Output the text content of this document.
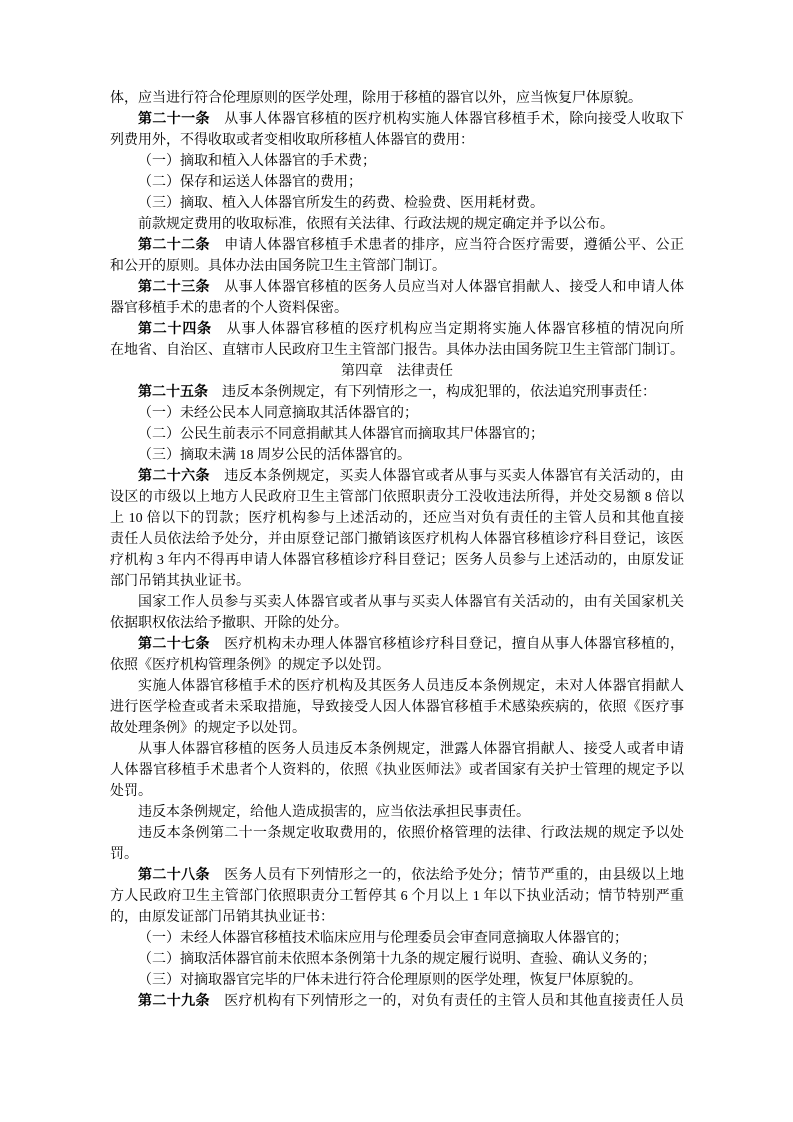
体，应当进行符合伦理原则的医学处理，除用于移植的器官以外，应当恢复尸体原貌。
第二十一条　从事人体器官移植的医疗机构实施人体器官移植手术，除向接受人收取下
列费用外，不得收取或者变相收取所移植人体器官的费用：
（一）摘取和植入人体器官的手术费；
（二）保存和运送人体器官的费用；
（三）摘取、植入人体器官所发生的药费、检验费、医用耗材费。
前款规定费用的收取标准，依照有关法律、行政法规的规定确定并予以公布。
第二十二条　申请人体器官移植手术患者的排序，应当符合医疗需要，遵循公平、公正
和公开的原则。具体办法由国务院卫生主管部门制订。
第二十三条　从事人体器官移植的医务人员应当对人体器官捐献人、接受人和申请人体
器官移植手术的患者的个人资料保密。
第二十四条　从事人体器官移植的医疗机构应当定期将实施人体器官移植的情况向所
在地省、自治区、直辖市人民政府卫生主管部门报告。具体办法由国务院卫生主管部门制订。
第四章　法律责任
第二十五条　违反本条例规定，有下列情形之一，构成犯罪的，依法追究刑事责任：
（一）未经公民本人同意摘取其活体器官的；
（二）公民生前表示不同意捐献其人体器官而摘取其尸体器官的；
（三）摘取未满 18 周岁公民的活体器官的。
第二十六条　违反本条例规定，买卖人体器官或者从事与买卖人体器官有关活动的，由
设区的市级以上地方人民政府卫生主管部门依照职责分工没收违法所得，并处交易额 8 倍以
上 10 倍以下的罚款；医疗机构参与上述活动的，还应当对负有责任的主管人员和其他直接
责任人员依法给予处分，并由原登记部门撤销该医疗机构人体器官移植诊疗科目登记，该医
疗机构 3 年内不得再申请人体器官移植诊疗科目登记；医务人员参与上述活动的，由原发证
部门吊销其执业证书。
国家工作人员参与买卖人体器官或者从事与买卖人体器官有关活动的，由有关国家机关
依据职权依法给予撤职、开除的处分。
第二十七条　医疗机构未办理人体器官移植诊疗科目登记，擅自从事人体器官移植的，
依照《医疗机构管理条例》的规定予以处罚。
实施人体器官移植手术的医疗机构及其医务人员违反本条例规定，未对人体器官捐献人
进行医学检查或者未采取措施，导致接受人因人体器官移植手术感染疾病的，依照《医疗事
故处理条例》的规定予以处罚。
从事人体器官移植的医务人员违反本条例规定，泄露人体器官捐献人、接受人或者申请
人体器官移植手术患者个人资料的，依照《执业医师法》或者国家有关护士管理的规定予以
处罚。
违反本条例规定，给他人造成损害的，应当依法承担民事责任。
违反本条例第二十一条规定收取费用的，依照价格管理的法律、行政法规的规定予以处
罚。
第二十八条　医务人员有下列情形之一的，依法给予处分；情节严重的，由县级以上地
方人民政府卫生主管部门依照职责分工暂停其 6 个月以上 1 年以下执业活动；情节特别严重
的，由原发证部门吊销其执业证书：
（一）未经人体器官移植技术临床应用与伦理委员会审查同意摘取人体器官的；
（二）摘取活体器官前未依照本条例第十九条的规定履行说明、查验、确认义务的；
（三）对摘取器官完毕的尸体未进行符合伦理原则的医学处理，恢复尸体原貌的。
第二十九条　医疗机构有下列情形之一的，对负有责任的主管人员和其他直接责任人员
